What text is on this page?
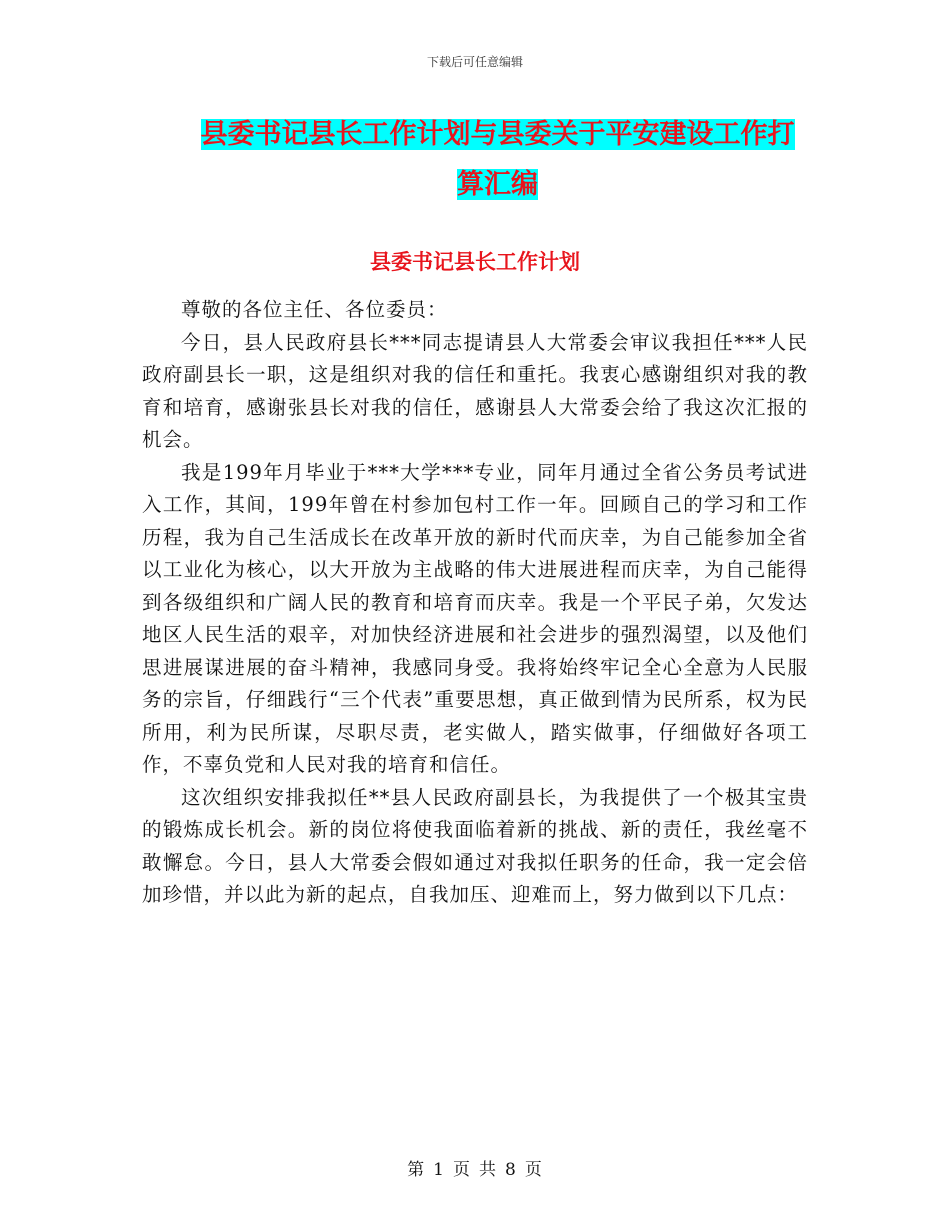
下载后可任意编辑
县委书记县长工作计划与县委关于平安建设工作打算汇编
县委书记县长工作计划

尊敬的各位主任、各位委员：

今日，县人民政府县长***同志提请县人大常委会审议我担任***人民政府副县长一职，这是组织对我的信任和重托。我衷心感谢组织对我的教育和培育，感谢张县长对我的信任，感谢县人大常委会给了我这次汇报的机会。

我是199年月毕业于***大学***专业，同年月通过全省公务员考试进入工作，其间，199年曾在村参加包村工作一年。回顾自己的学习和工作历程，我为自己生活成长在改革开放的新时代而庆幸，为自己能参加全省以工业化为核心，以大开放为主战略的伟大进展进程而庆幸，为自己能得到各级组织和广阔人民的教育和培育而庆幸。我是一个平民子弟，欠发达地区人民生活的艰辛，对加快经济进展和社会进步的强烈渴望，以及他们思进展谋进展的奋斗精神，我感同身受。我将始终牢记全心全意为人民服务的宗旨，仔细践行“三个代表”重要思想，真正做到情为民所系，权为民所用，利为民所谋，尽职尽责，老实做人，踏实做事，仔细做好各项工作，不辜负党和人民对我的培育和信任。

这次组织安排我拟任**县人民政府副县长，为我提供了一个极其宝贵的锻炼成长机会。新的岗位将使我面临着新的挑战、新的责任，我丝毫不敢懈怠。今日，县人大常委会假如通过对我拟任职务的任命，我一定会倍加珍惜，并以此为新的起点，自我加压、迎难而上，努力做到以下几点：

第 1 页 共 8 页
